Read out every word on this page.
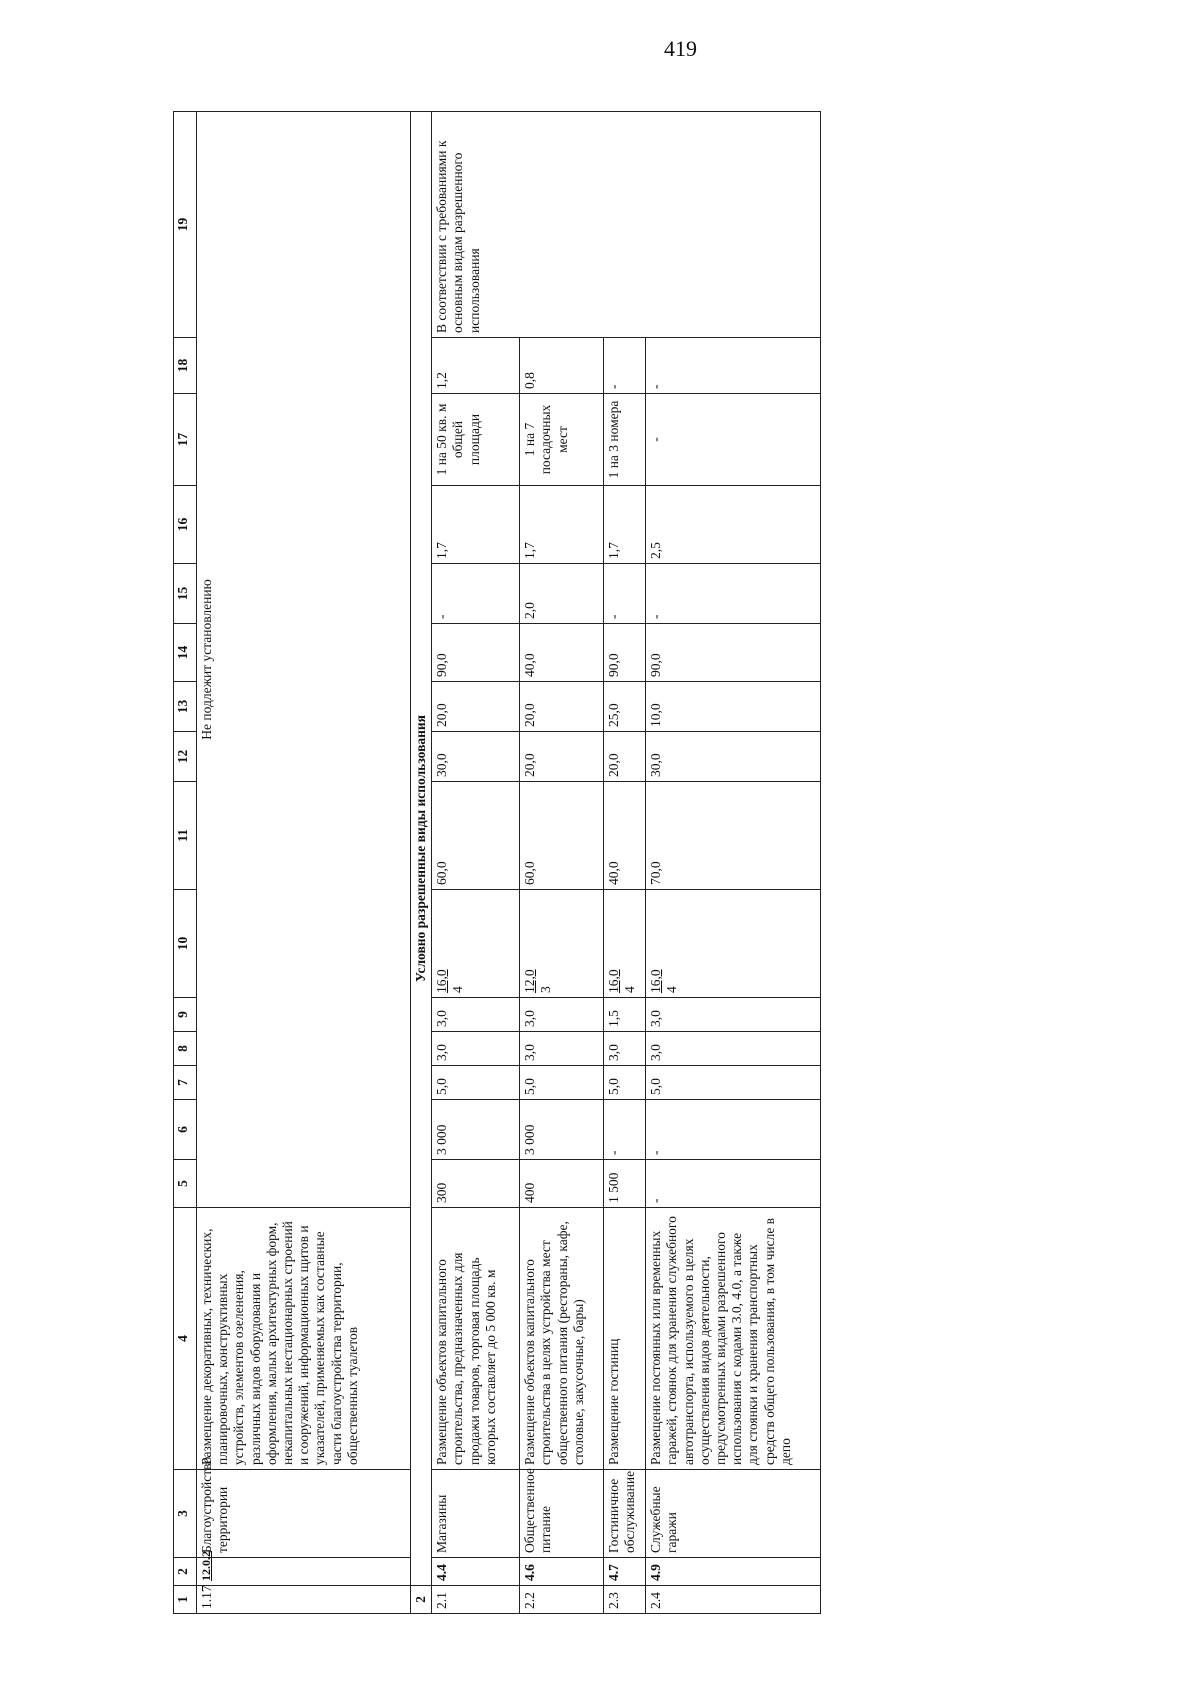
419
1	2	3	4	5	6	7	8	9	10	11	12	13	14	15	16	17	18	19
1.17	12.0.2	Благоустройство территории	Размещение декоративных, технических, планировочных, конструктивных устройств, элементов озеленения, различных видов оборудования и оформления, малых архитектурных форм, некапитальных нестационарных строений и сооружений, информационных щитов и указателей, применяемых как составные части благоустройства территории, общественных туалетов	Не подлежит установлению														
2	Условно разрешенные виды использования																	
2.1	4.4	Магазины	Размещение объектов капитального строительства, предназначенных для продажи товаров, торговая площадь которых составляет до 5 000 кв. м	300	3 000	5,0	3,0	3,0	16,0 4	60,0	30,0	20,0	90,0	-	1,7	1 на 50 кв. м общей площади	1,2	В соответствии с требованиями к основным видам разрешенного использования
2.2	4.6	Общественное питание	Размещение объектов капитального строительства в целях устройства мест общественного питания (рестораны, кафе, столовые, закусочные, бары)	400	3 000	5,0	3,0	3,0	12,0 3	60,0	20,0	20,0	40,0	2,0	1,7	1 на 7 посадочных мест	0,8	
2.3	4.7	Гостиничное обслуживание	Размещение гостиниц	1 500	-	5,0	3,0	1,5	16,0 4	40,0	20,0	25,0	90,0	-	1,7	1 на 3 номера	-	
2.4	4.9	Служебные гаражи	Размещение постоянных или временных гаражей, стоянок для хранения служебного автотранспорта, используемого в целях осуществления видов деятельности, предусмотренных видами разрешенного использования с кодами 3.0, 4.0, а также для стоянки и хранения транспортных средств общего пользования, в том числе в депо	-	-	5,0	3,0	3,0	16,0 4	70,0	30,0	10,0	90,0	-	2,5	-	-	
